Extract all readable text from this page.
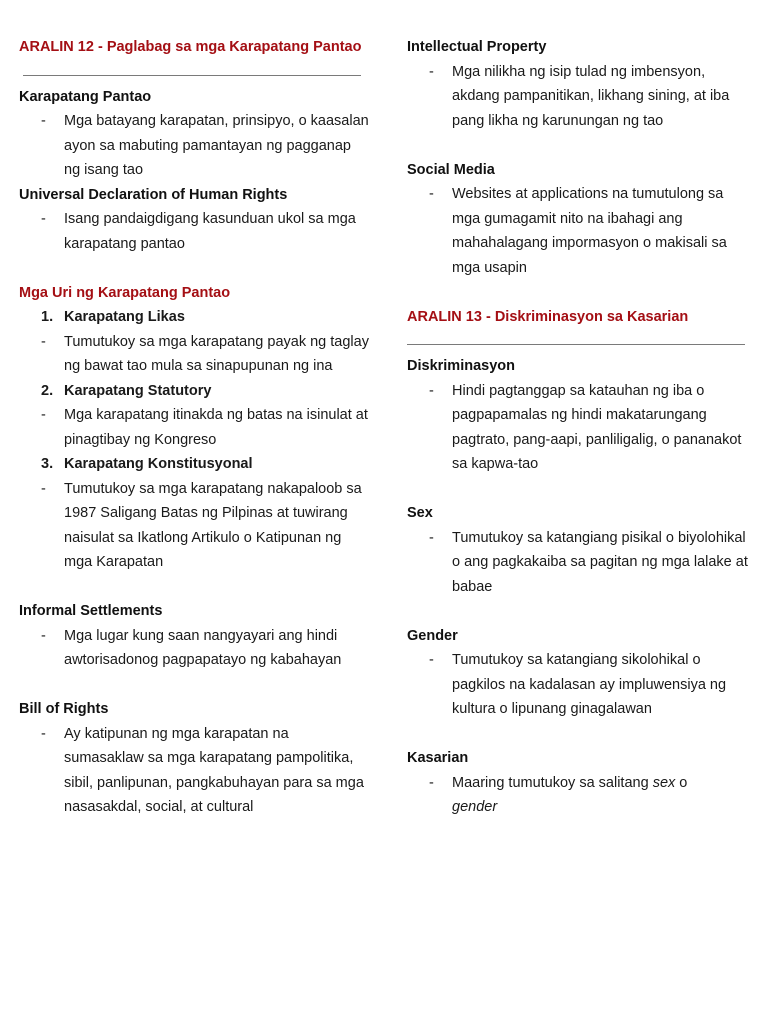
ARALIN 12 - Paglabag sa mga Karapatang Pantao

Karapatang Pantao

- Mga batayang karapatan, prinsipyo, o kaasalan ayon sa mabuting pamantayan ng pagganap ng isang tao

Universal Declaration of Human Rights

- Isang pandaigdigang kasunduan ukol sa mga karapatang pantao

Mga Uri ng Karapatang Pantao

1. Karapatang Likas

- Tumutukoy sa mga karapatang payak ng taglay ng bawat tao mula sa sinapupunan ng ina

2. Karapatang Statutory

- Mga karapatang itinakda ng batas na isinulat at pinagtibay ng Kongreso

3. Karapatang Konstitusyonal

- Tumutukoy sa mga karapatang nakapaloob sa 1987 Saligang Batas ng Pilpinas at tuwirang naisulat sa Ikatlong Artikulo o Katipunan ng mga Karapatan

Informal Settlements

- Mga lugar kung saan nangyayari ang hindi awtorisadonog pagpapatayo ng kabahayan

Bill of Rights

- Ay katipunan ng mga karapatan na sumasaklaw sa mga karapatang pampolitika, sibil, panlipunan, pangkabuhayan para sa mga nasasakdal, social, at cultural

Intellectual Property

- Mga nilikha ng isip tulad ng imbensyon, akdang pampanitikan, likhang sining, at iba pang likha ng karunungan ng tao

Social Media

- Websites at applications na tumutulong sa mga gumagamit nito na ibahagi ang mahahalagang impormasyon o makisali sa mga usapin

ARALIN 13 - Diskriminasyon sa Kasarian

Diskriminasyon

- Hindi pagtanggap sa katauhan ng iba o pagpapamalas ng hindi makatarungang pagtrato, pang-aapi, panliligalig, o pananakot sa kapwa-tao

Sex

- Tumutukoy sa katangiang pisikal o biyolohikal o ang pagkakaiba sa pagitan ng mga lalake at babae

Gender

- Tumutukoy sa katangiang sikolohikal o pagkilos na kadalasan ay impluwensiya ng kultura o lipunang ginagalawan

Kasarian

- Maaring tumutukoy sa salitang sex o
gender
